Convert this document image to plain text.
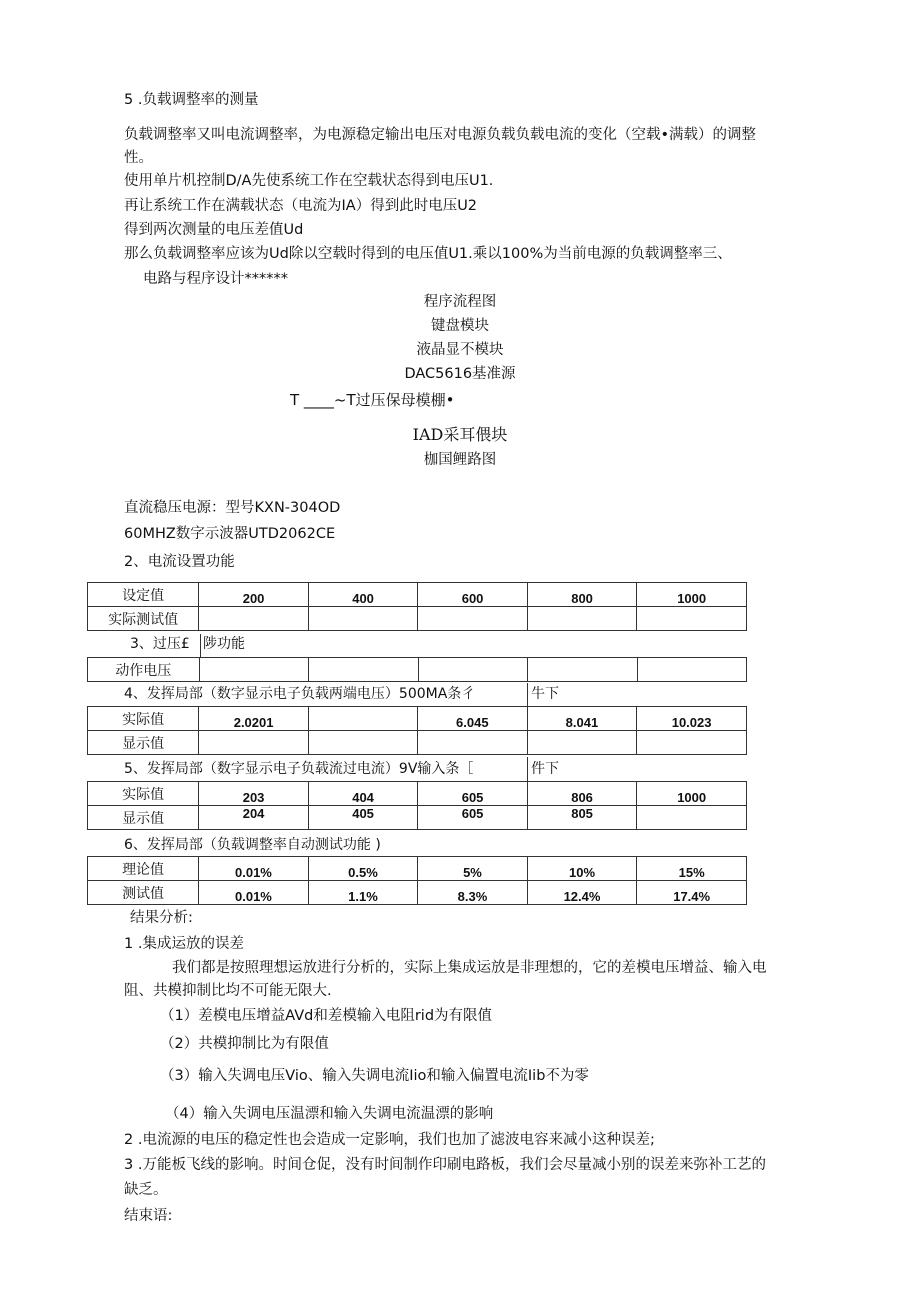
5 .负载调整率的测量
负载调整率又叫电流调整率，为电源稳定输出电压对电源负载负载电流的变化（空载•满载）的调整
性。
使用单片机控制D/A先使系统工作在空载状态得到电压U1.
再让系统工作在满载状态（电流为IA）得到此时电压U2
得到两次测量的电压差值Ud
那么负载调整率应该为Ud除以空载时得到的电压值U1.乘以100%为当前电源的负载调整率三、
电路与程序设计******
程序流程图
键盘模块
液晶显不模块
DAC5616基准源
T ____~T过压保母模棚•
IAD采耳偎块
枷国鲤路图
直流稳压电源：型号KXN-304OD
60MHZ数字示波器UTD2062CE
2、电流设置功能
设定值	200	400	600	800	1000
实际测试值					
3、过压£ 陟功能
动作电压					
4、发挥局部（数字显示电子负载两端电压）500MA条彳	牛下
实际值	2.0201		6.045	8.041	10.023
显示值					
5、发挥局部（数字显示电子负载流过电流）9V输入条［	件下
实际值	203	404	605	806	1000
显示值	204	405	605	805	
6、发挥局部（负载调整率自动测试功能 )
理论值	0.01%	0.5%	5%	10%	15%
测试值	0.01%	1.1%	8.3%	12.4%	17.4%
结果分析:
1 .集成运放的误差
我们都是按照理想运放进行分析的，实际上集成运放是非理想的，它的差模电压增益、输入电
阻、共模抑制比均不可能无限大.
（1）差模电压增益AVd和差模输入电阻rid为有限值
（2）共模抑制比为有限值
（3）输入失调电压Vio、输入失调电流Iio和输入偏置电流Iib不为零
（4）输入失调电压温漂和输入失调电流温漂的影响
2 .电流源的电压的稳定性也会造成一定影响，我们也加了滤波电容来减小这种误差;
3 .万能板飞线的影响。时间仓促，没有时间制作印刷电路板，我们会尽量减小别的误差来弥补工艺的
缺乏。
结束语:
